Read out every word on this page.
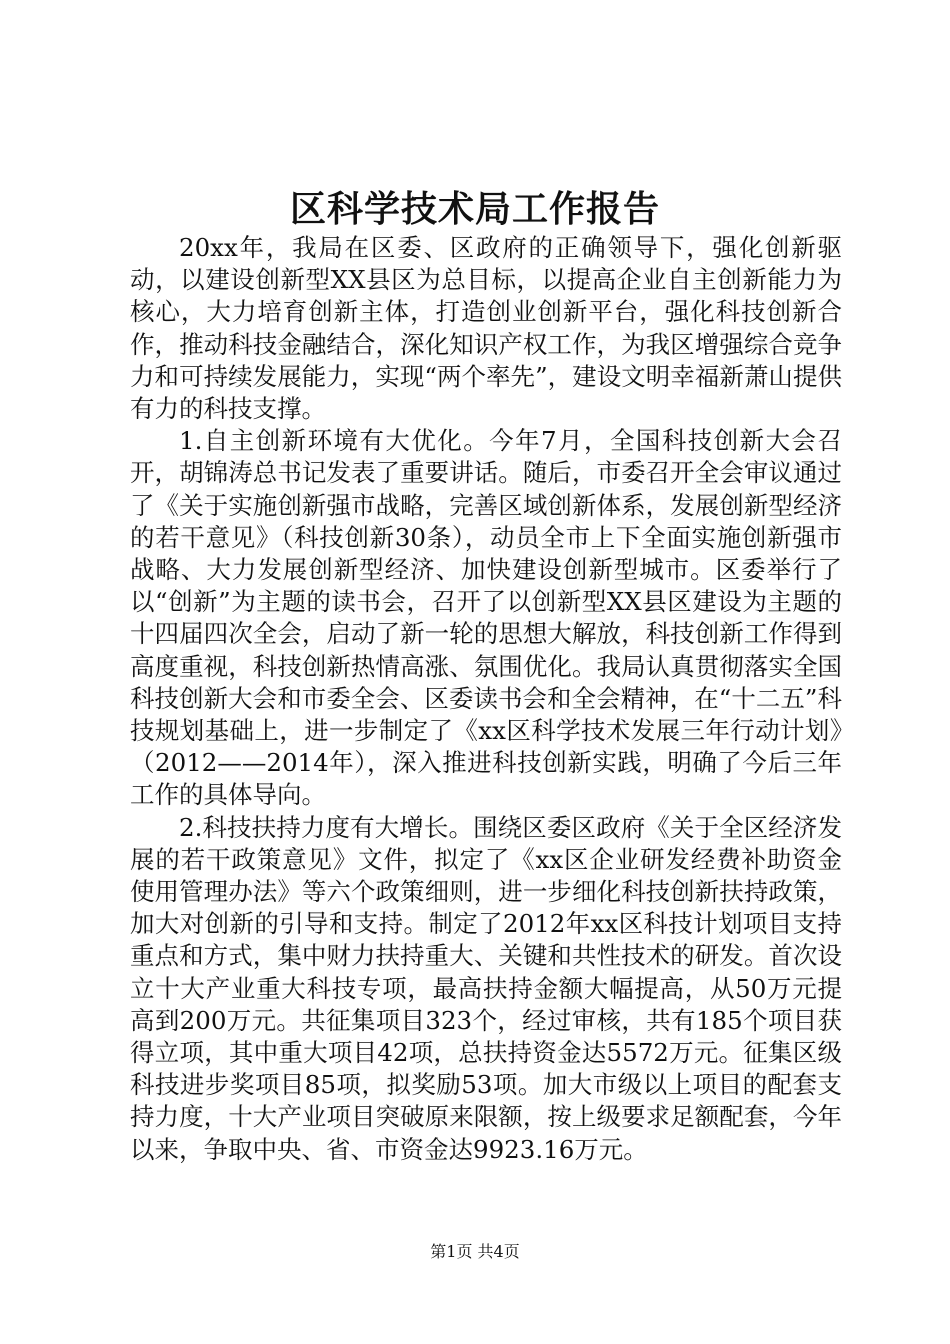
区科学技术局工作报告

20xx年，我局在区委、区政府的正确领导下，强化创新驱动，以建设创新型XX县区为总目标，以提高企业自主创新能力为核心，大力培育创新主体，打造创业创新平台，强化科技创新合作，推动科技金融结合，深化知识产权工作，为我区增强综合竞争力和可持续发展能力，实现“两个率先”，建设文明幸福新萧山提供有力的科技支撑。

1.自主创新环境有大优化。今年7月，全国科技创新大会召开，胡锦涛总书记发表了重要讲话。随后，市委召开全会审议通过了《关于实施创新强市战略，完善区域创新体系，发展创新型经济的若干意见》（科技创新30条），动员全市上下全面实施创新强市战略、大力发展创新型经济、加快建设创新型城市。区委举行了以“创新”为主题的读书会，召开了以创新型XX县区建设为主题的十四届四次全会，启动了新一轮的思想大解放，科技创新工作得到高度重视，科技创新热情高涨、氛围优化。我局认真贯彻落实全国科技创新大会和市委全会、区委读书会和全会精神，在“十二五”科技规划基础上，进一步制定了《xx区科学技术发展三年行动计划》（2012——2014年），深入推进科技创新实践，明确了今后三年工作的具体导向。

2.科技扶持力度有大增长。围绕区委区政府《关于全区经济发展的若干政策意见》文件，拟定了《xx区企业研发经费补助资金使用管理办法》等六个政策细则，进一步细化科技创新扶持政策，加大对创新的引导和支持。制定了2012年xx区科技计划项目支持重点和方式，集中财力扶持重大、关键和共性技术的研发。首次设立十大产业重大科技专项，最高扶持金额大幅提高，从50万元提高到200万元。共征集项目323个，经过审核，共有185个项目获得立项，其中重大项目42项，总扶持资金达5572万元。征集区级科技进步奖项目85项，拟奖励53项。加大市级以上项目的配套支持力度，十大产业项目突破原来限额，按上级要求足额配套，今年以来，争取中央、省、市资金达9923.16万元。

第1页 共4页
